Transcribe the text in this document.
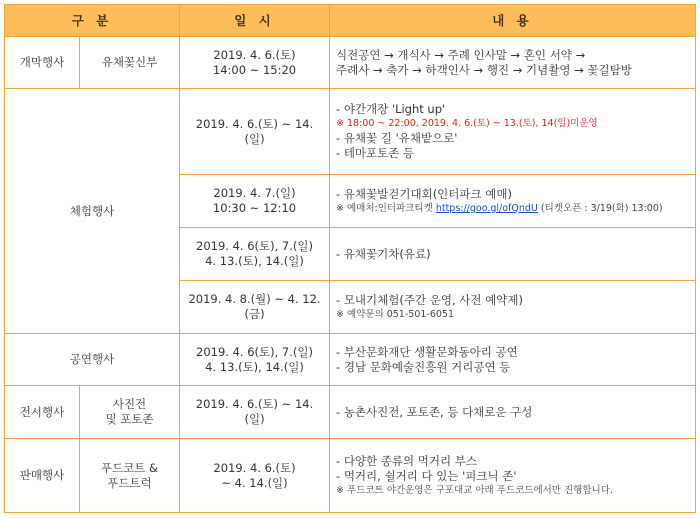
구 분		일 시	내 용
개막행사	유채꽃신부	2019. 4. 6.(토)
14:00 ~ 15:20	식전공연 → 개식사 → 주례 인사말 → 혼인 서약 →
주례사 → 축가 → 하객인사 → 행진 → 기념촬영 → 꽃길탐방

체험행사		2019. 4. 6.(토) ~ 14.(일)	- 야간개장 'Light up'
※ 18:00 ~ 22:00, 2019. 4. 6.(토) ~ 13.(토), 14(일)미운영
- 유채꽃 길 '유채밭으로'
- 테마포토존 등

		2019. 4. 7.(일)
10:30 ~ 12:10	- 유채꽃발걷기대회(인터파크 예매)
※ 예매처:인터파크티켓 https://goo.gl/ofQndU (티켓오픈 : 3/19(화) 13:00)

		2019. 4. 6(토), 7.(일)
4. 13.(토), 14.(일)	- 유채꽃기차(유료)

		2019. 4. 8.(월) ~ 4. 12.
(금)	- 모내기체험(주간 운영, 사전 예약제)
※ 예약문의 051-501-6051

공연행사		2019. 4. 6(토), 7.(일)
4. 13.(토), 14.(일)	- 부산문화재단 생활문화동아리 공연
- 경남 문화예술진흥원 거리공연 등

전시행사	사진전
및 포토존	2019. 4. 6.(토) ~ 14.(일)	- 농촌사진전, 포토존, 등 다채로운 구성

판매행사	푸드코트 &
푸드트럭	2019. 4. 6.(토)
~ 4. 14.(일)	- 다양한 종류의 먹거리 부스
- 먹거리, 쉴거리 다 있는 '피크닉 존'
※ 푸드코트 야간운영은 구포대교 아래 푸드코드에서만 진행합니다.
